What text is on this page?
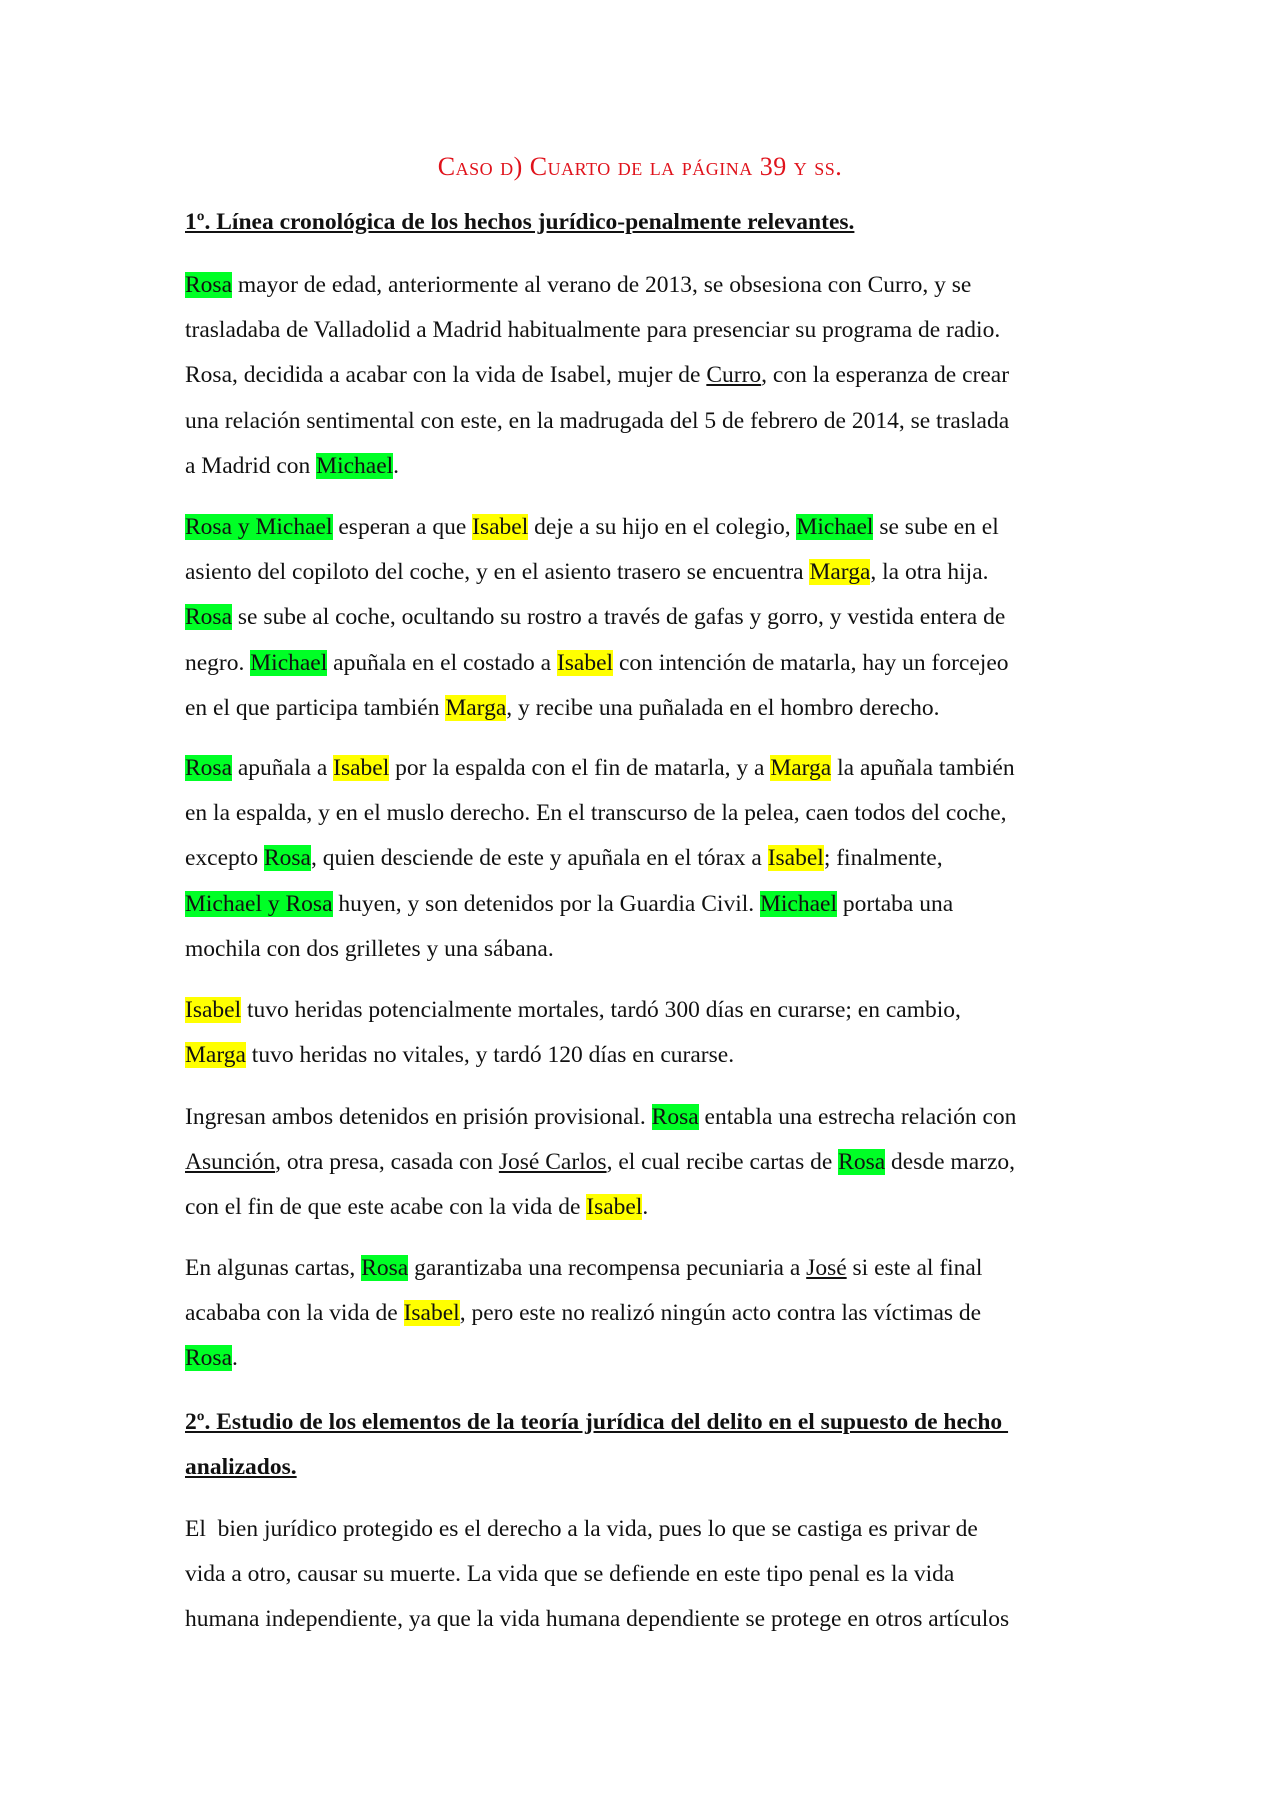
Caso d) Cuarto de la página 39 y ss.
1º. Línea cronológica de los hechos jurídico-penalmente relevantes.
Rosa mayor de edad, anteriormente al verano de 2013, se obsesiona con Curro, y se
trasladaba de Valladolid a Madrid habitualmente para presenciar su programa de radio.
Rosa, decidida a acabar con la vida de Isabel, mujer de Curro, con la esperanza de crear
una relación sentimental con este, en la madrugada del 5 de febrero de 2014, se traslada
a Madrid con Michael.
Rosa y Michael esperan a que Isabel deje a su hijo en el colegio, Michael se sube en el
asiento del copiloto del coche, y en el asiento trasero se encuentra Marga, la otra hija.
Rosa se sube al coche, ocultando su rostro a través de gafas y gorro, y vestida entera de
negro. Michael apuñala en el costado a Isabel con intención de matarla, hay un forcejeo
en el que participa también Marga, y recibe una puñalada en el hombro derecho.
Rosa apuñala a Isabel por la espalda con el fin de matarla, y a Marga la apuñala también
en la espalda, y en el muslo derecho. En el transcurso de la pelea, caen todos del coche,
excepto Rosa, quien desciende de este y apuñala en el tórax a Isabel; finalmente,
Michael y Rosa huyen, y son detenidos por la Guardia Civil. Michael portaba una
mochila con dos grilletes y una sábana.
Isabel tuvo heridas potencialmente mortales, tardó 300 días en curarse; en cambio,
Marga tuvo heridas no vitales, y tardó 120 días en curarse.
Ingresan ambos detenidos en prisión provisional. Rosa entabla una estrecha relación con
Asunción, otra presa, casada con José Carlos, el cual recibe cartas de Rosa desde marzo,
con el fin de que este acabe con la vida de Isabel.
En algunas cartas, Rosa garantizaba una recompensa pecuniaria a José si este al final
acababa con la vida de Isabel, pero este no realizó ningún acto contra las víctimas de
Rosa.
2º. Estudio de los elementos de la teoría jurídica del delito en el supuesto de hecho
analizados.
El  bien jurídico protegido es el derecho a la vida, pues lo que se castiga es privar de
vida a otro, causar su muerte. La vida que se defiende en este tipo penal es la vida
humana independiente, ya que la vida humana dependiente se protege en otros artículos
